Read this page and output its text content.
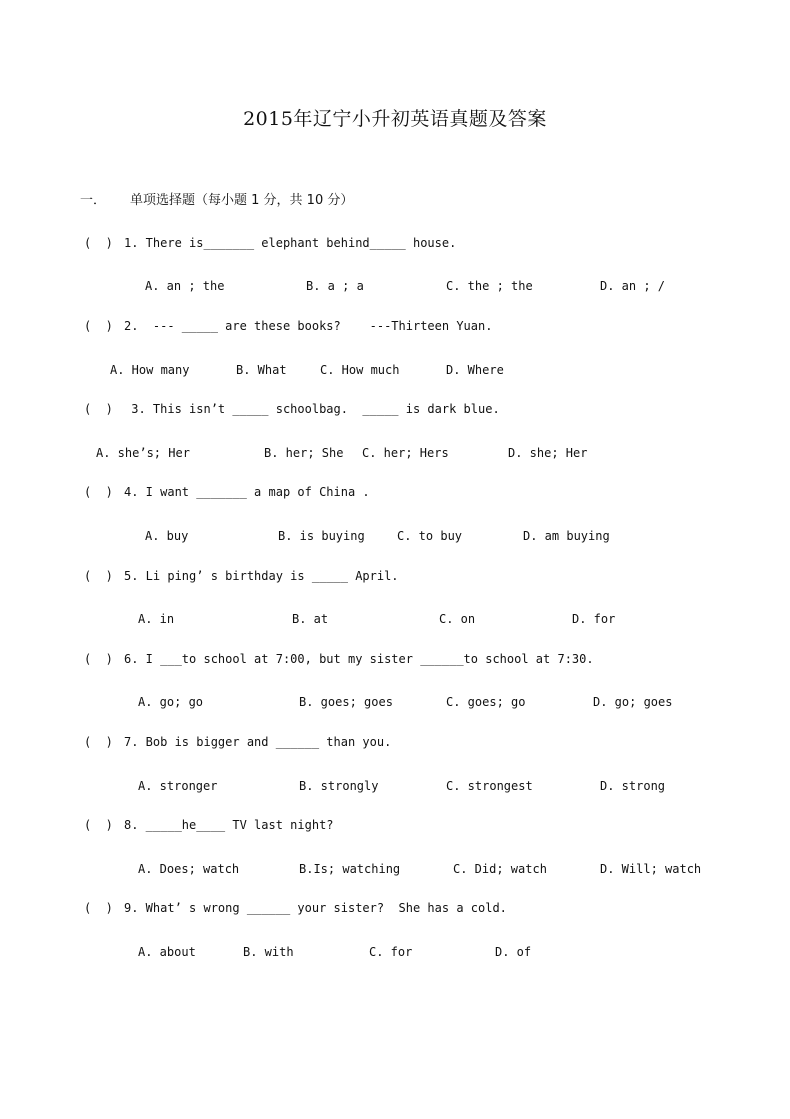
2015年辽宁小升初英语真题及答案
一． 单项选择题（每小题 1 分，共 10 分）
(  ) 1. There is_______ elephant behind_____ house.
A. an ; the	B. a ; a	C. the ; the	D. an ; /
(  ) 2.  --- _____ are these books?    ---Thirteen Yuan.
A. How many	B. What	C. How much	D. Where
(  ) 3. This isn’t _____ schoolbag.  _____ is dark blue.
A. she’s; Her	B. her; She C. her; Hers	D. she; Her
(  ) 4. I want _______ a map of China .
A. buy	B. is buying	C. to buy	D. am buying
(  ) 5. Li ping’ s birthday is _____ April.
A. in	B. at	C. on	D. for
(  ) 6. I ___to school at 7:00, but my sister ______to school at 7:30.
A. go; go	B. goes; goes	C. goes; go	D. go; goes
(  ) 7. Bob is bigger and ______ than you.
A. stronger	B. strongly	C. strongest	D. strong
(  ) 8. _____he____ TV last night?
A. Does; watch	B.Is; watching	C. Did; watch	D. Will; watch
(  ) 9. What’ s wrong ______ your sister?  She has a cold.
A. about	B. with	C. for	D. of
